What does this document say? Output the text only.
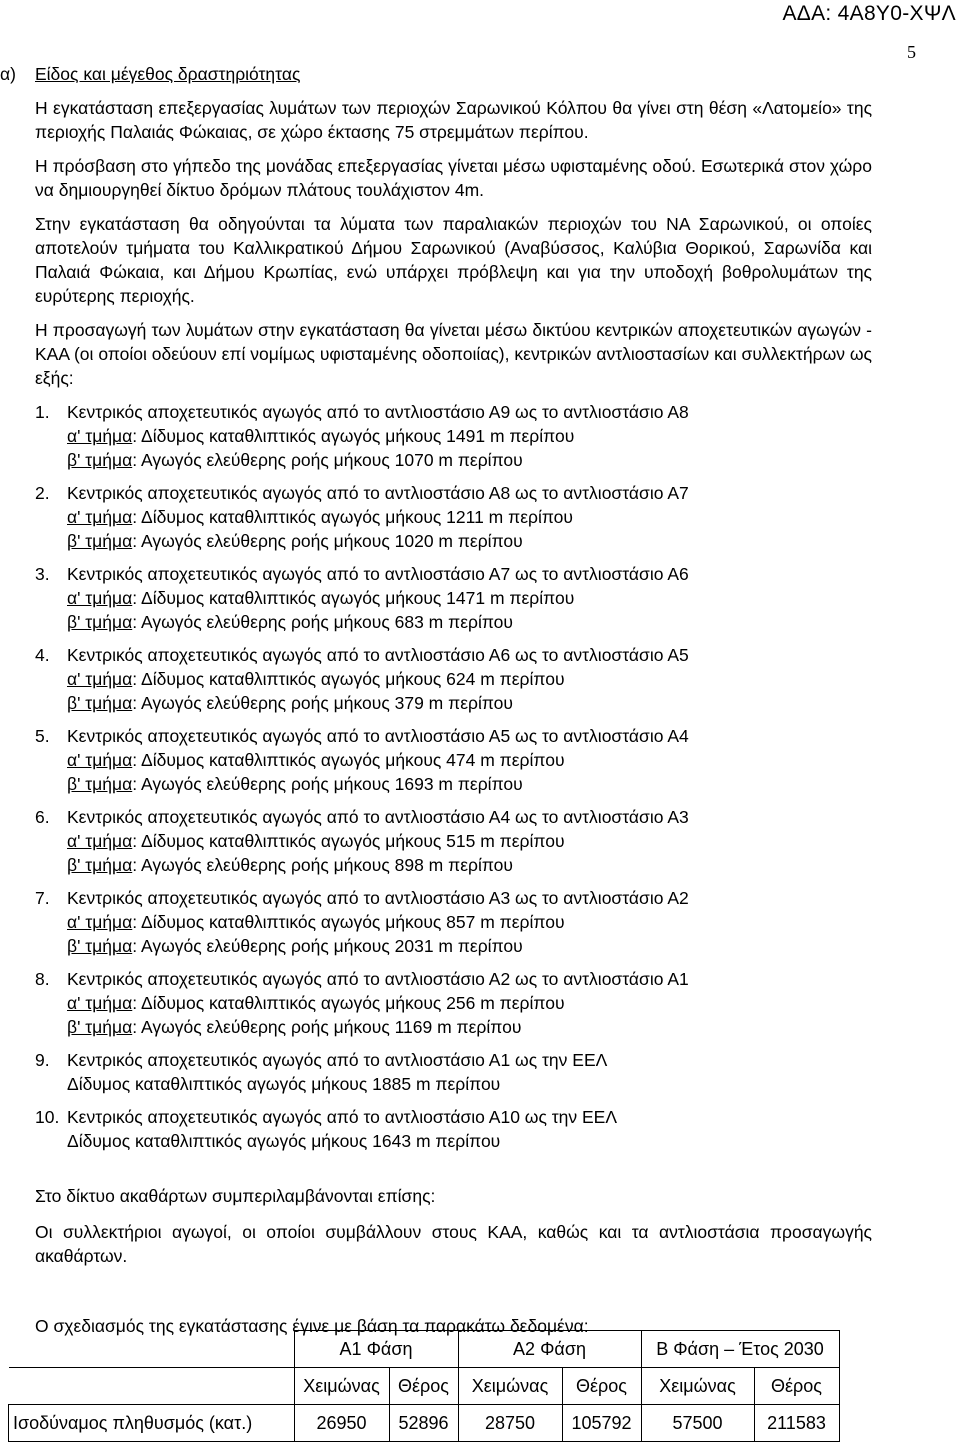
ΑΔΑ: 4Α8Υ0-ΧΨΛ
5
α) Είδος και μέγεθος δραστηριότητας

Η εγκατάσταση επεξεργασίας λυμάτων των περιοχών Σαρωνικού Κόλπου θα γίνει στη θέση «Λατομείο» της περιοχής Παλαιάς Φώκαιας, σε χώρο έκτασης 75 στρεμμάτων περίπου.

Η πρόσβαση στο γήπεδο της μονάδας επεξεργασίας γίνεται μέσω υφισταμένης οδού. Εσωτερικά στον χώρο να δημιουργηθεί δίκτυο δρόμων πλάτους τουλάχιστον 4m.

Στην εγκατάσταση θα οδηγούνται τα λύματα των παραλιακών περιοχών του ΝΑ Σαρωνικού, οι οποίες αποτελούν τμήματα του Καλλικρατικού Δήμου Σαρωνικού (Αναβύσσος, Καλύβια Θορικού, Σαρωνίδα και Παλαιά Φώκαια, και Δήμου Κρωπίας, ενώ υπάρχει πρόβλεψη και για την υποδοχή βοθρολυμάτων της ευρύτερης περιοχής.

Η προσαγωγή των λυμάτων στην εγκατάσταση θα γίνεται μέσω δικτύου κεντρικών αποχετευτικών αγωγών - ΚΑΑ (οι οποίοι οδεύουν επί νομίμως υφισταμένης οδοποιίας), κεντρικών αντλιοστασίων και συλλεκτήρων ως εξής:

1. Κεντρικός αποχετευτικός αγωγός από το αντλιοστάσιο Α9 ως το αντλιοστάσιο Α8
α' τμήμα: Δίδυμος καταθλιπτικός αγωγός μήκους 1491 m περίπου
β' τμήμα: Αγωγός ελεύθερης ροής μήκους 1070 m περίπου
2. Κεντρικός αποχετευτικός αγωγός από το αντλιοστάσιο Α8 ως το αντλιοστάσιο Α7
α' τμήμα: Δίδυμος καταθλιπτικός αγωγός μήκους 1211 m περίπου
β' τμήμα: Αγωγός ελεύθερης ροής μήκους 1020 m περίπου
3. Κεντρικός αποχετευτικός αγωγός από το αντλιοστάσιο Α7 ως το αντλιοστάσιο Α6
α' τμήμα: Δίδυμος καταθλιπτικός αγωγός μήκους 1471 m περίπου
β' τμήμα: Αγωγός ελεύθερης ροής μήκους 683 m περίπου
4. Κεντρικός αποχετευτικός αγωγός από το αντλιοστάσιο Α6 ως το αντλιοστάσιο Α5
α' τμήμα: Δίδυμος καταθλιπτικός αγωγός μήκους 624 m περίπου
β' τμήμα: Αγωγός ελεύθερης ροής μήκους 379 m περίπου
5. Κεντρικός αποχετευτικός αγωγός από το αντλιοστάσιο Α5 ως το αντλιοστάσιο Α4
α' τμήμα: Δίδυμος καταθλιπτικός αγωγός μήκους 474 m περίπου
β' τμήμα: Αγωγός ελεύθερης ροής μήκους 1693 m περίπου
6. Κεντρικός αποχετευτικός αγωγός από το αντλιοστάσιο Α4 ως το αντλιοστάσιο Α3
α' τμήμα: Δίδυμος καταθλιπτικός αγωγός μήκους 515 m περίπου
β' τμήμα: Αγωγός ελεύθερης ροής μήκους 898 m περίπου
7. Κεντρικός αποχετευτικός αγωγός από το αντλιοστάσιο Α3 ως το αντλιοστάσιο Α2
α' τμήμα: Δίδυμος καταθλιπτικός αγωγός μήκους 857 m περίπου
β' τμήμα: Αγωγός ελεύθερης ροής μήκους 2031 m περίπου
8. Κεντρικός αποχετευτικός αγωγός από το αντλιοστάσιο Α2 ως το αντλιοστάσιο Α1
α' τμήμα: Δίδυμος καταθλιπτικός αγωγός μήκους 256 m περίπου
β' τμήμα: Αγωγός ελεύθερης ροής μήκους 1169 m περίπου
9. Κεντρικός αποχετευτικός αγωγός από το αντλιοστάσιο Α1 ως την ΕΕΛ
Δίδυμος καταθλιπτικός αγωγός μήκους 1885 m περίπου
10. Κεντρικός αποχετευτικός αγωγός από το αντλιοστάσιο Α10 ως την ΕΕΛ
Δίδυμος καταθλιπτικός αγωγός μήκους 1643 m περίπου

Στο δίκτυο ακαθάρτων συμπεριλαμβάνονται επίσης:

Οι συλλεκτήριοι αγωγοί, οι οποίοι συμβάλλουν στους ΚΑΑ, καθώς και τα αντλιοστάσια προσαγωγής ακαθάρτων.

Ο σχεδιασμός της εγκατάστασης έγινε με βάση τα παρακάτω δεδομένα:

	Α1 Φάση		Α2 Φάση		Β Φάση – Έτος 2030	
	Χειμώνας	Θέρος	Χειμώνας	Θέρος	Χειμώνας	Θέρος
Ισοδύναμος πληθυσμός (κατ.)	26950	52896	28750	105792	57500	211583
